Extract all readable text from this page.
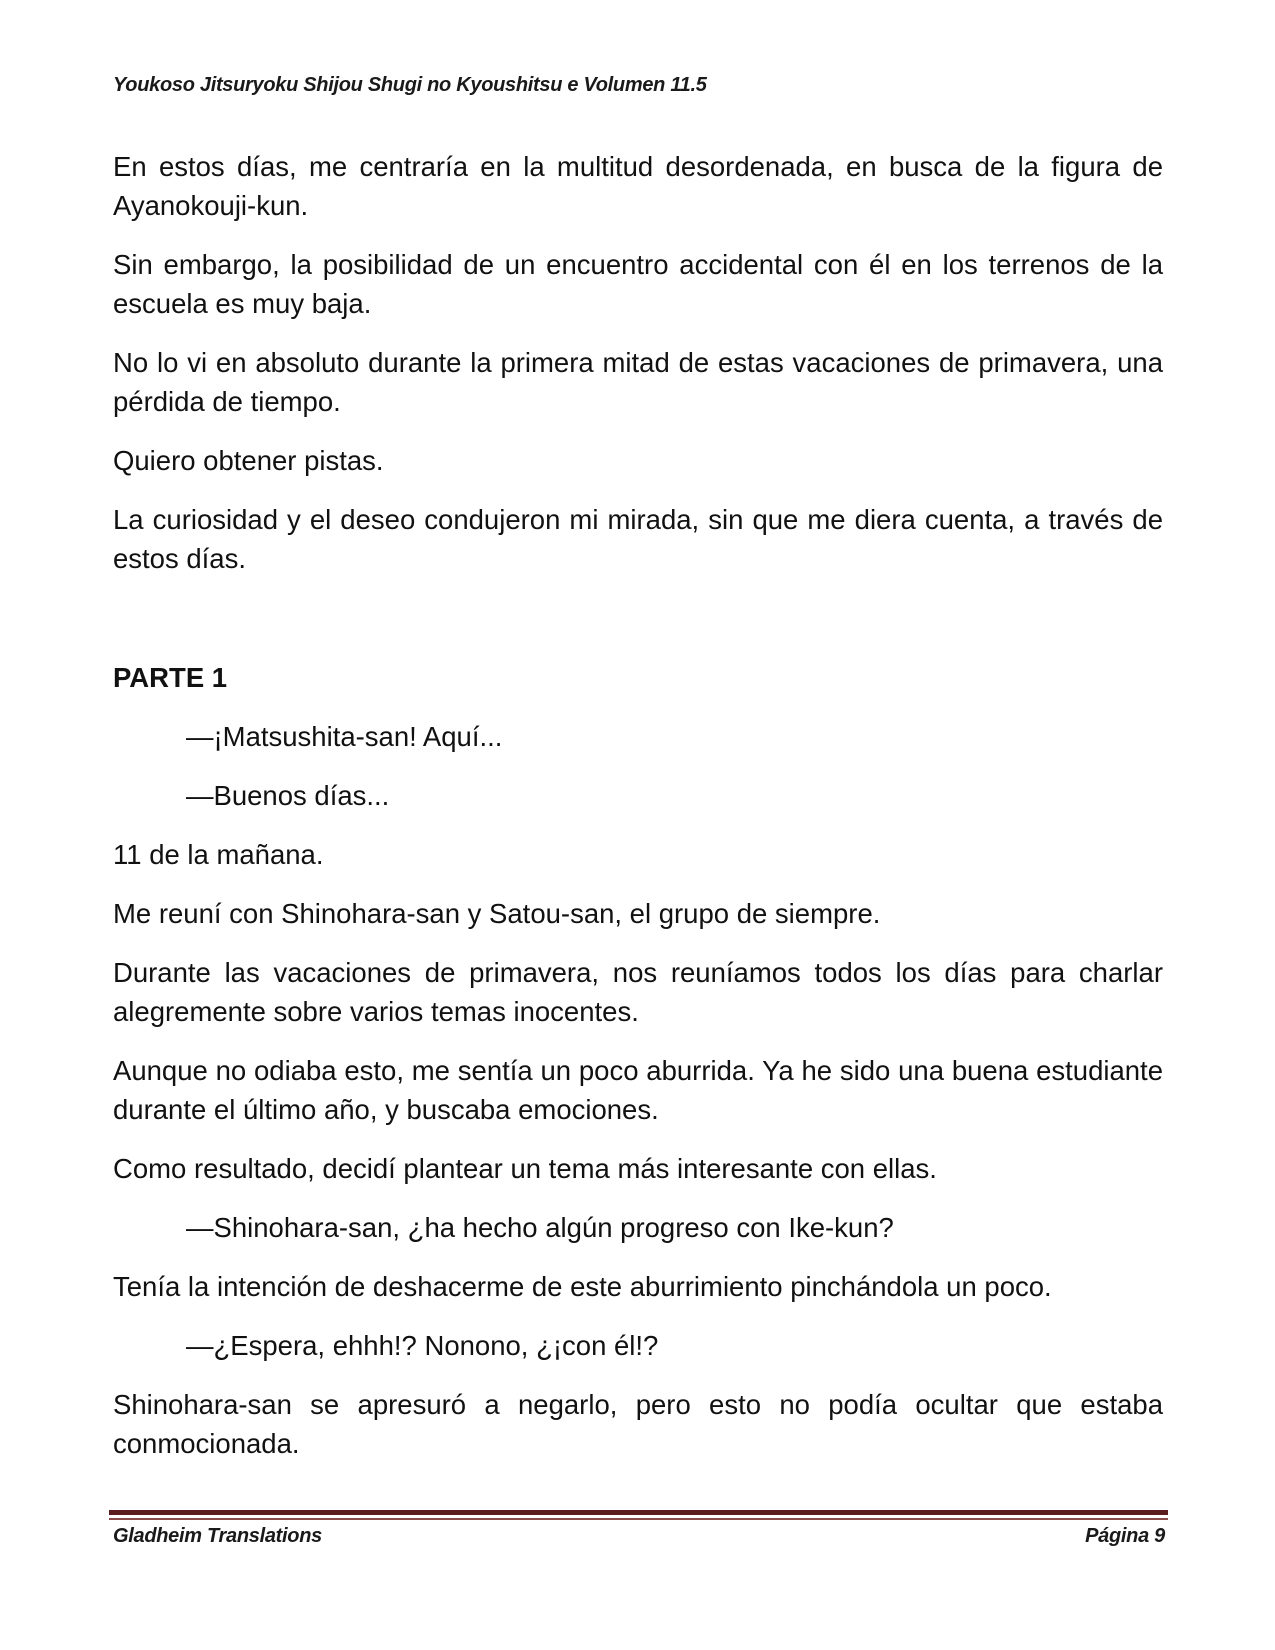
Youkoso Jitsuryoku Shijou Shugi no Kyoushitsu e Volumen 11.5

En estos días, me centraría en la multitud desordenada, en busca de la figura de Ayanokouji-kun.

Sin embargo, la posibilidad de un encuentro accidental con él en los terrenos de la escuela es muy baja.

No lo vi en absoluto durante la primera mitad de estas vacaciones de primavera, una pérdida de tiempo.

Quiero obtener pistas.

La curiosidad y el deseo condujeron mi mirada, sin que me diera cuenta, a través de estos días.

PARTE 1

—¡Matsushita-san! Aquí...

—Buenos días...

11 de la mañana.

Me reuní con Shinohara-san y Satou-san, el grupo de siempre.

Durante las vacaciones de primavera, nos reuníamos todos los días para charlar alegremente sobre varios temas inocentes.

Aunque no odiaba esto, me sentía un poco aburrida. Ya he sido una buena estudiante durante el último año, y buscaba emociones.

Como resultado, decidí plantear un tema más interesante con ellas.

—Shinohara-san, ¿ha hecho algún progreso con Ike-kun?

Tenía la intención de deshacerme de este aburrimiento pinchándola un poco.

—¿Espera, ehhh!? Nonono, ¿¡con él!?

Shinohara-san se apresuró a negarlo, pero esto no podía ocultar que estaba conmocionada.

Gladheim Translations	Página 9
